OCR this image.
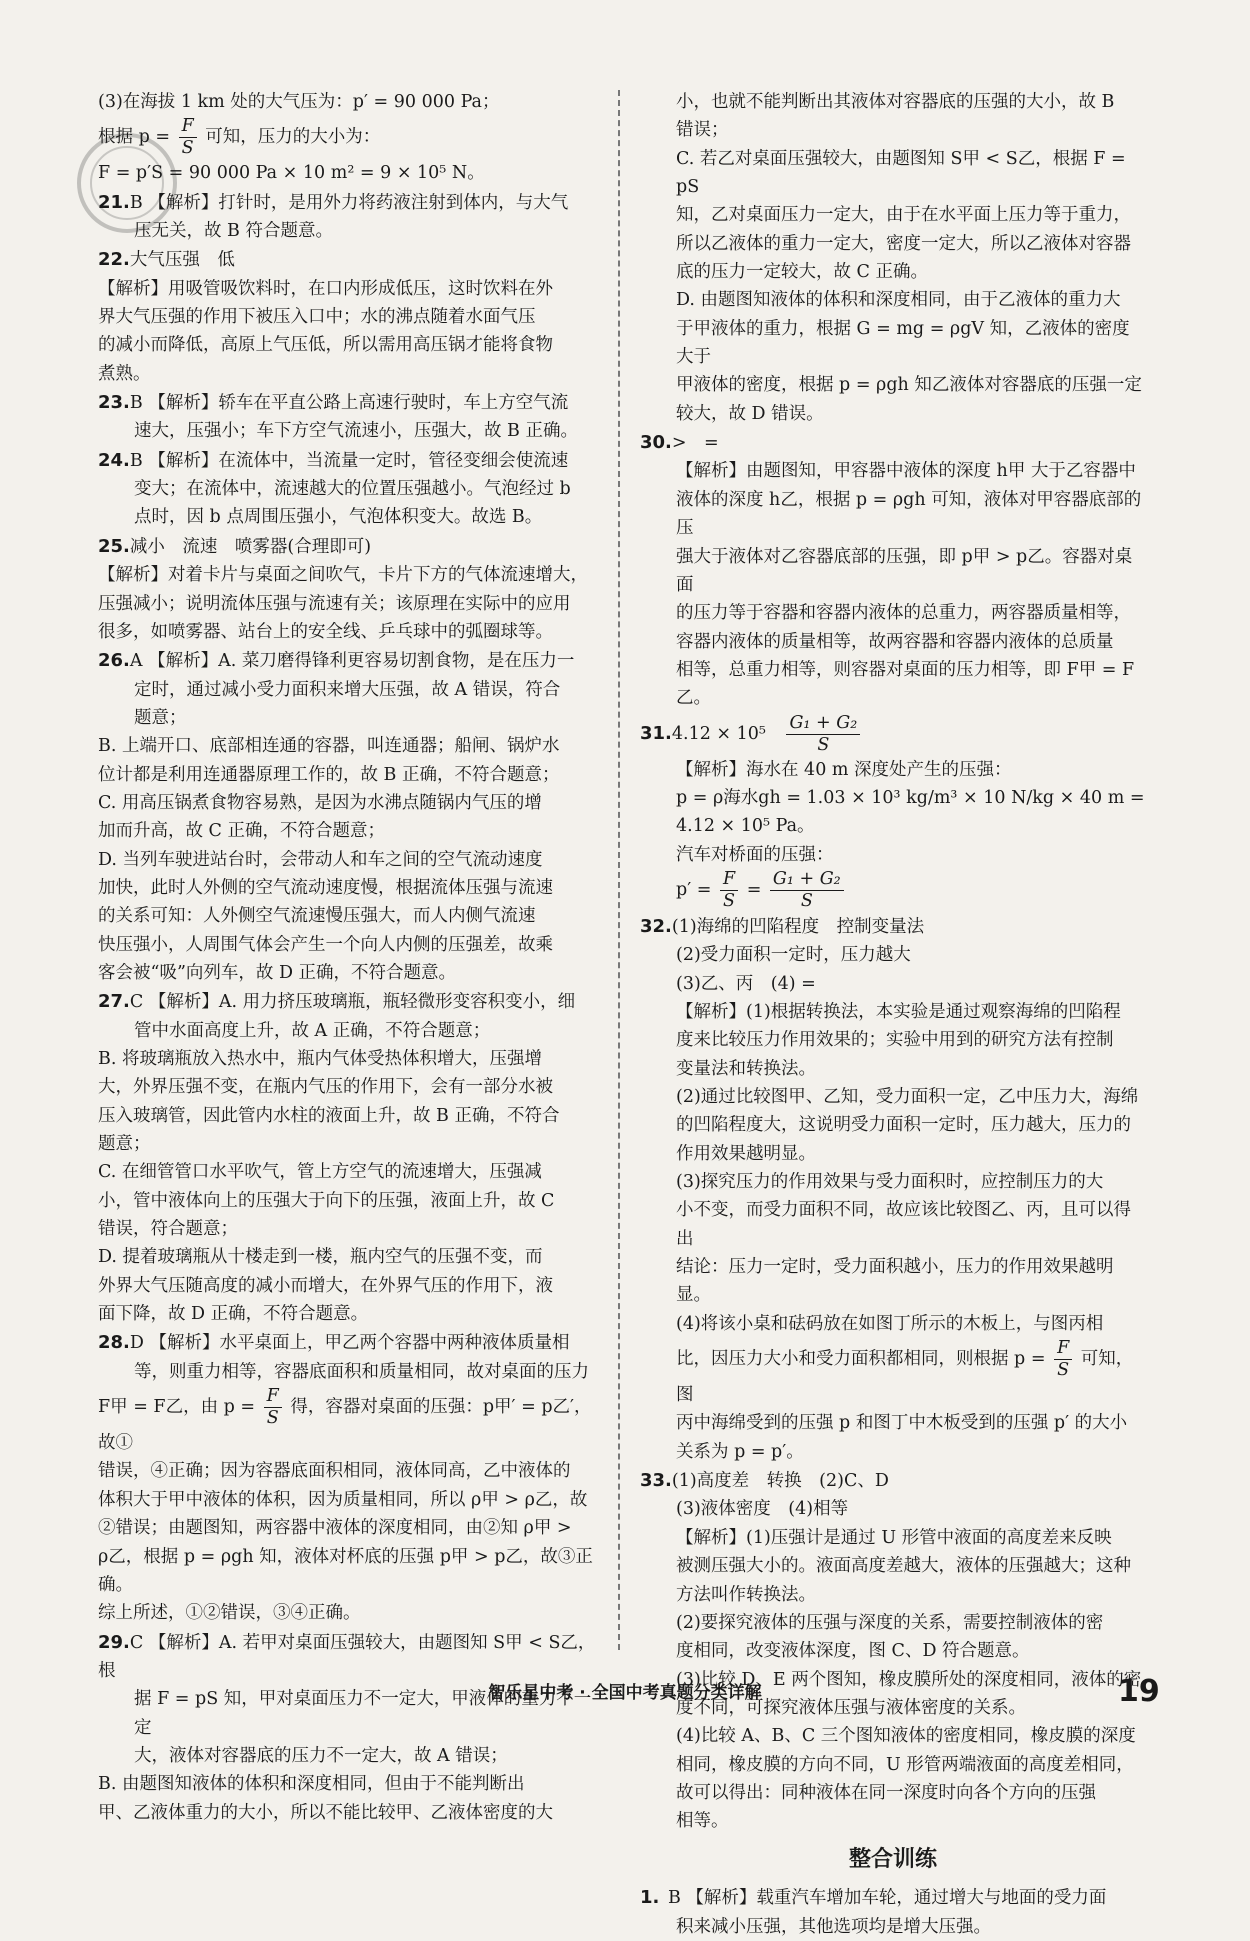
(3)在海拔 1 km 处的大气压为：p′ = 90 000 Pa；
根据 $p = \frac{F}{S}$ 可知，压力的大小为：
F = p′S = 90 000 Pa × 10 m² = 9 × 10⁵ N。
21.B 【解析】打针时，是用外力将药液注射到体内，与大气
压无关，故 B 符合题意。
22.大气压强　低
【解析】用吸管吸饮料时，在口内形成低压，这时饮料在外
界大气压强的作用下被压入口中；水的沸点随着水面气压
的减小而降低，高原上气压低，所以需用高压锅才能将食物
煮熟。
23.B 【解析】轿车在平直公路上高速行驶时，车上方空气流
速大，压强小；车下方空气流速小，压强大，故 B 正确。
24.B 【解析】在流体中，当流量一定时，管径变细会使流速
变大；在流体中，流速越大的位置压强越小。气泡经过 b
点时，因 b 点周围压强小，气泡体积变大。故选 B。
25.减小　流速　喷雾器(合理即可)
【解析】对着卡片与桌面之间吹气，卡片下方的气体流速增大，
压强减小；说明流体压强与流速有关；该原理在实际中的应用
很多，如喷雾器、站台上的安全线、乒乓球中的弧圈球等。
26.A 【解析】A. 菜刀磨得锋利更容易切割食物，是在压力一
定时，通过减小受力面积来增大压强，故 A 错误，符合
题意；
B. 上端开口、底部相连通的容器，叫连通器；船闸、锅炉水
位计都是利用连通器原理工作的，故 B 正确，不符合题意；
C. 用高压锅煮食物容易熟，是因为水沸点随锅内气压的增
加而升高，故 C 正确，不符合题意；
D. 当列车驶进站台时，会带动人和车之间的空气流动速度
加快，此时人外侧的空气流动速度慢，根据流体压强与流速
的关系可知：人外侧空气流速慢压强大，而人内侧气流速
快压强小，人周围气体会产生一个向人内侧的压强差，故乘
客会被“吸”向列车，故 D 正确，不符合题意。
27.C 【解析】A. 用力挤压玻璃瓶，瓶轻微形变容积变小，细
管中水面高度上升，故 A 正确，不符合题意；
B. 将玻璃瓶放入热水中，瓶内气体受热体积增大，压强增
大，外界压强不变，在瓶内气压的作用下，会有一部分水被
压入玻璃管，因此管内水柱的液面上升，故 B 正确，不符合
题意；
C. 在细管管口水平吹气，管上方空气的流速增大，压强减
小，管中液体向上的压强大于向下的压强，液面上升，故 C
错误，符合题意；
D. 提着玻璃瓶从十楼走到一楼，瓶内空气的压强不变，而
外界大气压随高度的减小而增大，在外界气压的作用下，液
面下降，故 D 正确，不符合题意。
28.D 【解析】水平桌面上，甲乙两个容器中两种液体质量相
等，则重力相等，容器底面积和质量相同，故对桌面的压力
F甲 = F乙，由 $p = \frac{F}{S}$ 得，容器对桌面的压强：p甲′ = p乙′，故①
错误，④正确；因为容器底面积相同，液体同高，乙中液体的
体积大于甲中液体的体积，因为质量相同，所以 ρ甲 > ρ乙，故
②错误；由题图知，两容器中液体的深度相同，由②知 ρ甲 >
ρ乙，根据 p = ρgh 知，液体对杯底的压强 p甲 > p乙，故③正确。
综上所述，①②错误，③④正确。
29.C 【解析】A. 若甲对桌面压强较大，由题图知 S甲 < S乙，根
据 F = pS 知，甲对桌面压力不一定大，甲液体的重力不一定
大，液体对容器底的压力不一定大，故 A 错误；
B. 由题图知液体的体积和深度相同，但由于不能判断出
甲、乙液体重力的大小，所以不能比较甲、乙液体密度的大
小，也就不能判断出其液体对容器底的压强的大小，故 B
错误；
C. 若乙对桌面压强较大，由题图知 S甲 < S乙，根据 F = pS
知，乙对桌面压力一定大，由于在水平面上压力等于重力，
所以乙液体的重力一定大，密度一定大，所以乙液体对容器
底的压力一定较大，故 C 正确。
D. 由题图知液体的体积和深度相同，由于乙液体的重力大
于甲液体的重力，根据 G = mg = ρgV 知，乙液体的密度大于
甲液体的密度，根据 p = ρgh 知乙液体对容器底的压强一定
较大，故 D 错误。
30.>　=
【解析】由题图知，甲容器中液体的深度 h甲 大于乙容器中
液体的深度 h乙，根据 p = ρgh 可知，液体对甲容器底部的压
强大于液体对乙容器底部的压强，即 p甲 > p乙。容器对桌面
的压力等于容器和容器内液体的总重力，两容器质量相等，
容器内液体的质量相等，故两容器和容器内液体的总质量
相等，总重力相等，则容器对桌面的压力相等，即 F甲 = F乙。
31.4.12 × 10⁵　 $\frac{\text{G₁ + G₂}}{S}$
【解析】海水在 40 m 深度处产生的压强：
p = ρ海水gh = 1.03 × 10³ kg/m³ × 10 N/kg × 40 m = 4.12 × 10⁵ Pa。
汽车对桥面的压强：
$p' = \frac{F}{S} = \frac{\text{G₁ + G₂}}{S}$
32.(1)海绵的凹陷程度　控制变量法
(2)受力面积一定时，压力越大
(3)乙、丙　(4) =
【解析】(1)根据转换法，本实验是通过观察海绵的凹陷程
度来比较压力作用效果的；实验中用到的研究方法有控制
变量法和转换法。
(2)通过比较图甲、乙知，受力面积一定，乙中压力大，海绵
的凹陷程度大，这说明受力面积一定时，压力越大，压力的
作用效果越明显。
(3)探究压力的作用效果与受力面积时，应控制压力的大
小不变，而受力面积不同，故应该比较图乙、丙，且可以得出
结论：压力一定时，受力面积越小，压力的作用效果越明显。
(4)将该小桌和砝码放在如图丁所示的木板上，与图丙相
比，因压力大小和受力面积都相同，则根据 $p = \frac{F}{S}$ 可知，图
丙中海绵受到的压强 p 和图丁中木板受到的压强 p′ 的大小
关系为 p = p′。
33.(1)高度差　转换　(2)C、D
(3)液体密度　(4)相等
【解析】(1)压强计是通过 U 形管中液面的高度差来反映
被测压强大小的。液面高度差越大，液体的压强越大；这种
方法叫作转换法。
(2)要探究液体的压强与深度的关系，需要控制液体的密
度相同，改变液体深度，图 C、D 符合题意。
(3)比较 D、E 两个图知，橡皮膜所处的深度相同，液体的密
度不同，可探究液体压强与液体密度的关系。
(4)比较 A、B、C 三个图知液体的密度相同，橡皮膜的深度
相同，橡皮膜的方向不同，U 形管两端液面的高度差相同，
故可以得出：同种液体在同一深度时向各个方向的压强
相等。
整合训练
1. B 【解析】载重汽车增加车轮，通过增大与地面的受力面
积来减小压强，其他选项均是增大压强。
智乐星中考 · 全国中考真题分类详解	19
